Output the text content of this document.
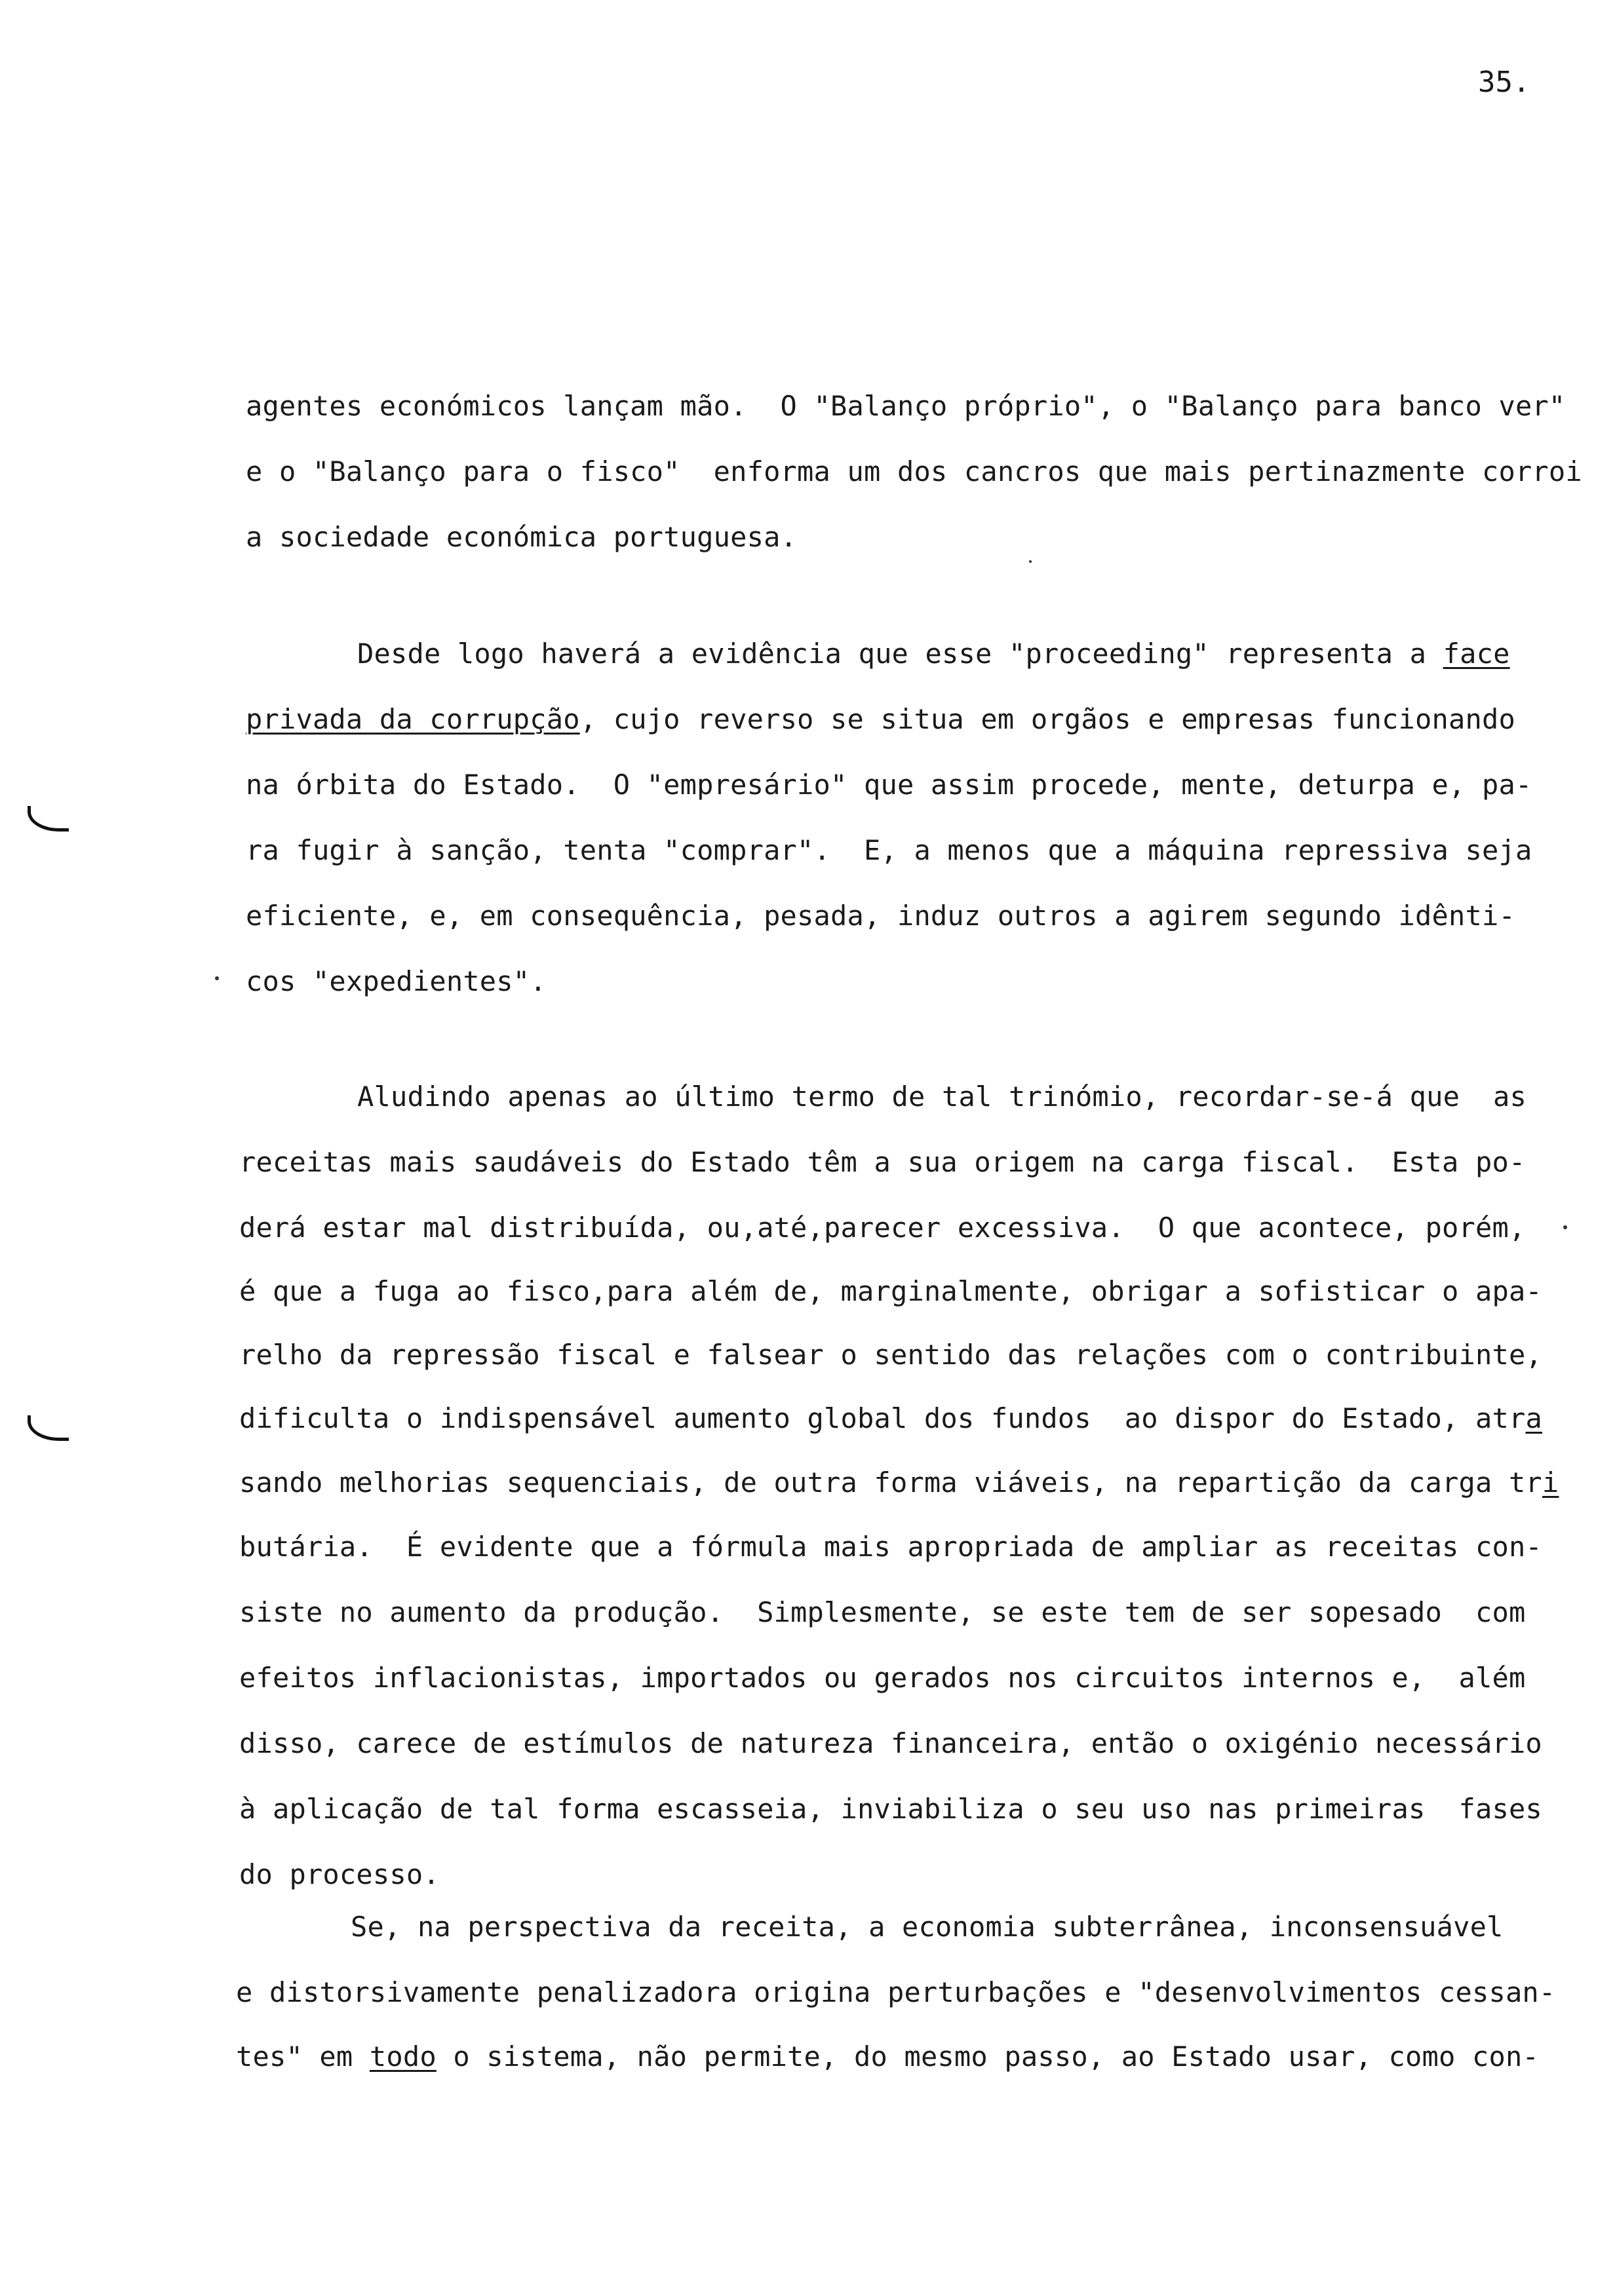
35.
agentes económicos lançam mão.  O "Balanço próprio", o "Balanço para banco ver"
e o "Balanço para o fisco"  enforma um dos cancros que mais pertinazmente corroi
a sociedade económica portuguesa.
Desde logo haverá a evidência que esse "proceeding" representa a face
privada da corrupção, cujo reverso se situa em orgãos e empresas funcionando
na órbita do Estado.  O "empresário" que assim procede, mente, deturpa e, pa-
ra fugir à sanção, tenta "comprar".  E, a menos que a máquina repressiva seja
eficiente, e, em consequência, pesada, induz outros a agirem segundo idênti-
cos "expedientes".
Aludindo apenas ao último termo de tal trinómio, recordar-se-á que  as
receitas mais saudáveis do Estado têm a sua origem na carga fiscal.  Esta po-
derá estar mal distribuída, ou,até,parecer excessiva.  O que acontece, porém,
é que a fuga ao fisco,para além de, marginalmente, obrigar a sofisticar o apa-
relho da repressão fiscal e falsear o sentido das relações com o contribuinte,
dificulta o indispensável aumento global dos fundos  ao dispor do Estado, atra
sando melhorias sequenciais, de outra forma viáveis, na repartição da carga tri
butária.  É evidente que a fórmula mais apropriada de ampliar as receitas con-
siste no aumento da produção.  Simplesmente, se este tem de ser sopesado  com
efeitos inflacionistas, importados ou gerados nos circuitos internos e,  além
disso, carece de estímulos de natureza financeira, então o oxigénio necessário
à aplicação de tal forma escasseia, inviabiliza o seu uso nas primeiras  fases
do processo.
Se, na perspectiva da receita, a economia subterrânea, inconsensuável
e distorsivamente penalizadora origina perturbações e "desenvolvimentos cessan-
tes" em todo o sistema, não permite, do mesmo passo, ao Estado usar, como con-
